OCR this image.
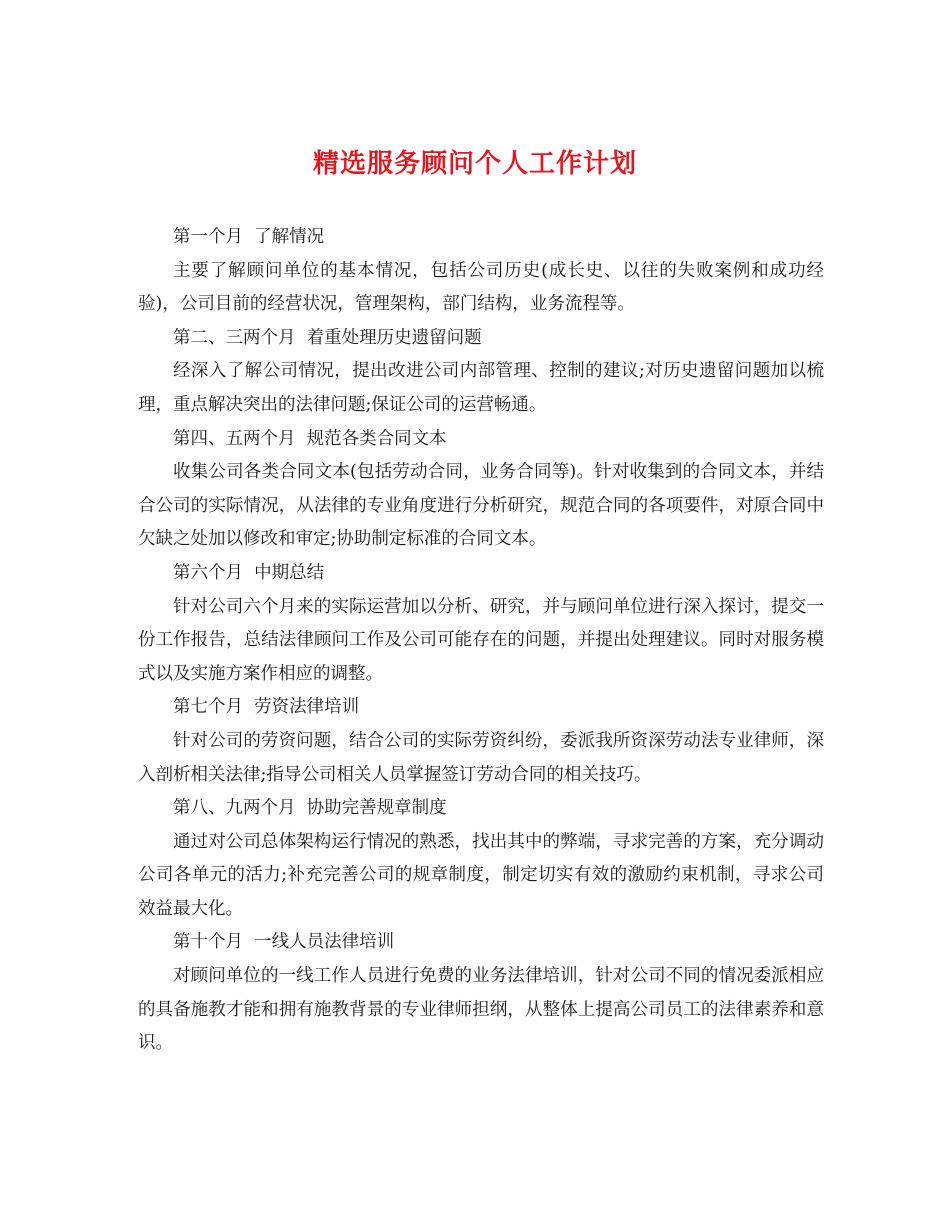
精选服务顾问个人工作计划

第一个月  了解情况

主要了解顾问单位的基本情况，包括公司历史(成长史、以往的失败案例和成功经验)，公司目前的经营状况，管理架构，部门结构，业务流程等。

第二、三两个月  着重处理历史遗留问题

经深入了解公司情况，提出改进公司内部管理、控制的建议;对历史遗留问题加以梳理，重点解决突出的法律问题;保证公司的运营畅通。

第四、五两个月  规范各类合同文本

收集公司各类合同文本(包括劳动合同，业务合同等)。针对收集到的合同文本，并结合公司的实际情况，从法律的专业角度进行分析研究，规范合同的各项要件，对原合同中欠缺之处加以修改和审定;协助制定标准的合同文本。

第六个月  中期总结

针对公司六个月来的实际运营加以分析、研究，并与顾问单位进行深入探讨，提交一份工作报告，总结法律顾问工作及公司可能存在的问题，并提出处理建议。同时对服务模式以及实施方案作相应的调整。

第七个月  劳资法律培训

针对公司的劳资问题，结合公司的实际劳资纠纷，委派我所资深劳动法专业律师，深入剖析相关法律;指导公司相关人员掌握签订劳动合同的相关技巧。

第八、九两个月  协助完善规章制度

通过对公司总体架构运行情况的熟悉，找出其中的弊端，寻求完善的方案，充分调动公司各单元的活力;补充完善公司的规章制度，制定切实有效的激励约束机制，寻求公司效益最大化。

第十个月  一线人员法律培训

对顾问单位的一线工作人员进行免费的业务法律培训，针对公司不同的情况委派相应的具备施教才能和拥有施教背景的专业律师担纲，从整体上提高公司员工的法律素养和意识。
